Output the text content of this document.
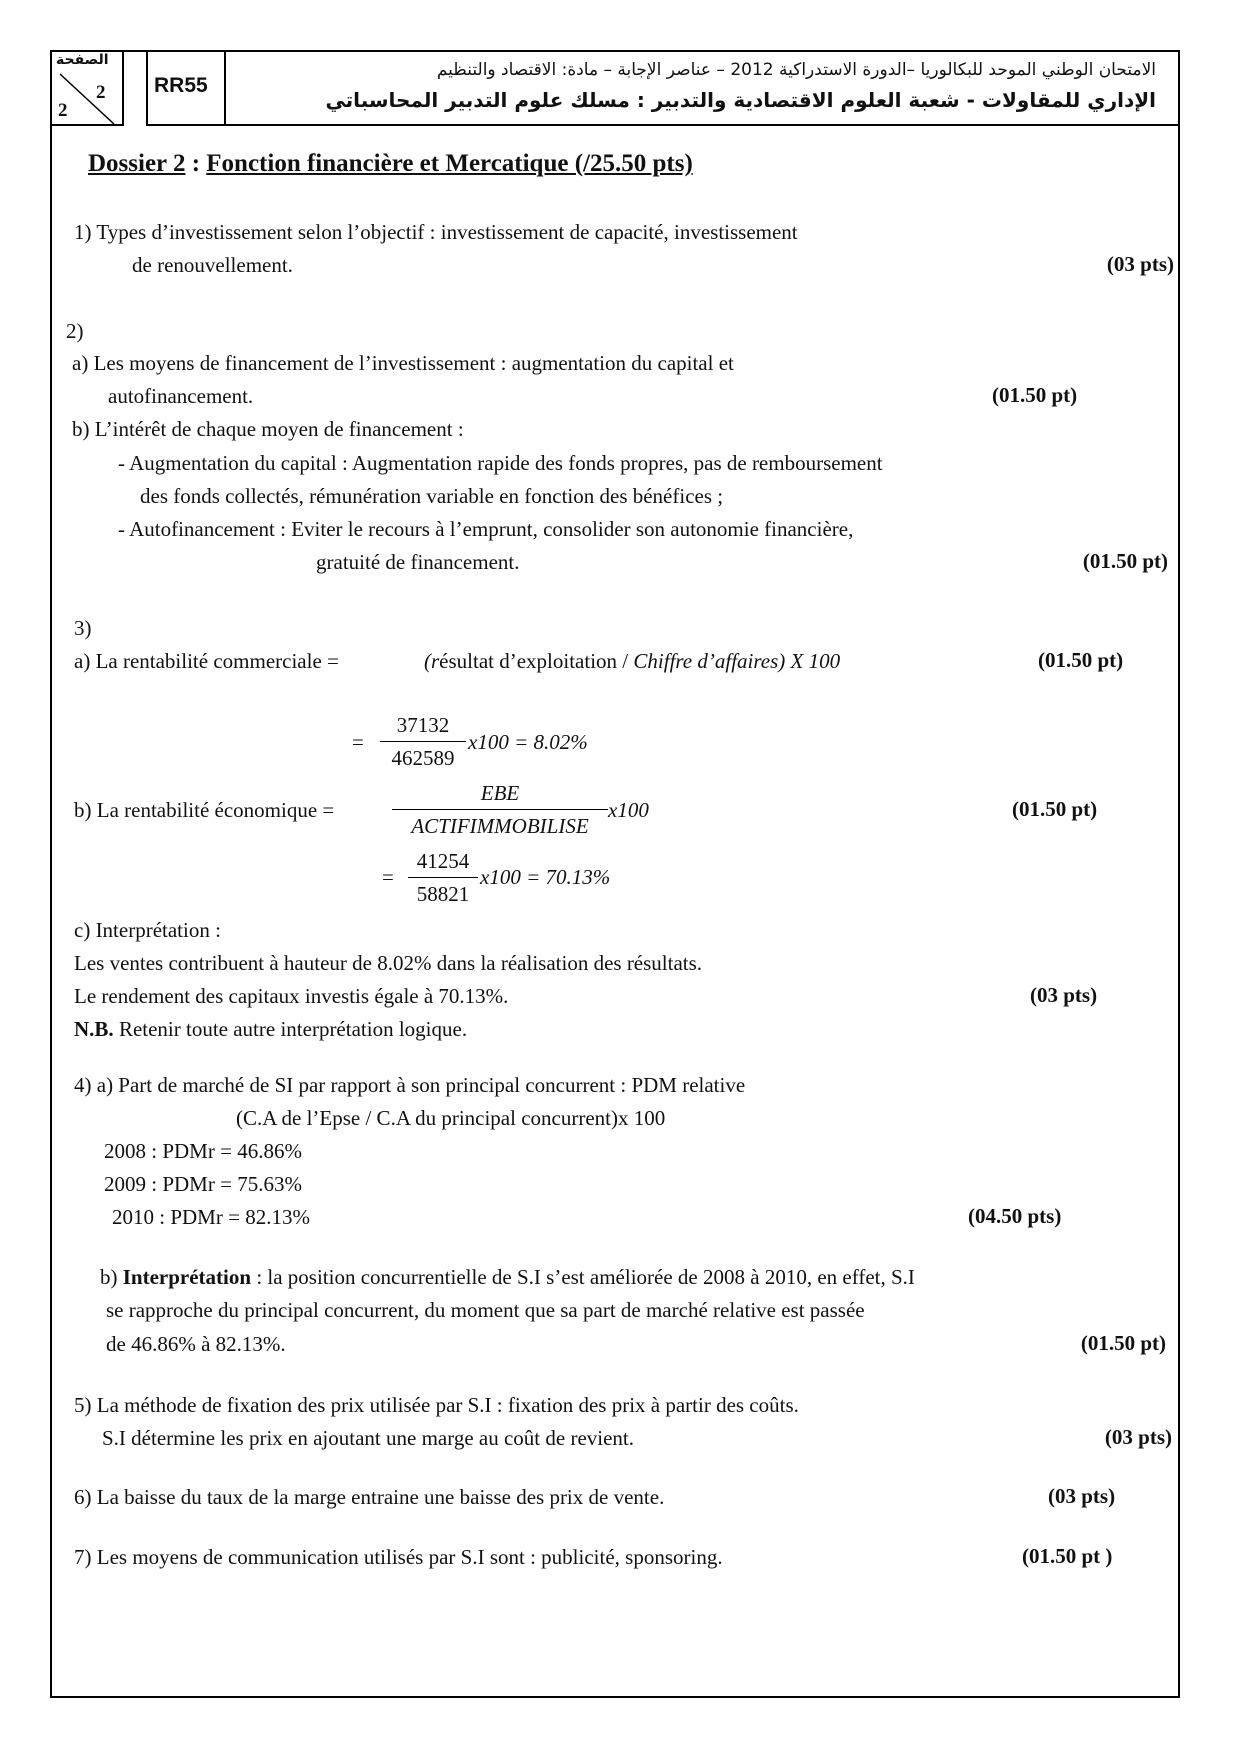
الصفحة
2
2
RR55
الامتحان الوطني الموحد للبكالوريا –الدورة الاستدراكية 2012 – عناصر الإجابة – مادة: الاقتصاد والتنظيم
الإداري للمقاولات - شعبة العلوم الاقتصادية والتدبير : مسلك علوم التدبير المحاسباتي
Dossier 2 : Fonction financière et Mercatique (/25.50 pts)
1) Types d’investissement selon l’objectif : investissement de capacité, investissement
de renouvellement.	(03 pts)
2)
a) Les moyens de financement de l’investissement : augmentation du capital et
autofinancement.	(01.50 pt)
b) L’intérêt de chaque moyen de financement :
- Augmentation du capital : Augmentation rapide des fonds propres, pas de remboursement
des fonds collectés, rémunération variable en fonction des bénéfices ;
- Autofinancement : Eviter le recours à l’emprunt, consolider son autonomie financière,
gratuité de financement.	(01.50 pt)
3)
a) La rentabilité commerciale =	(résultat d’exploitation / Chiffre d’affaires) X 100	(01.50 pt)
=
37132
462589
x100 = 8.02%
b) La rentabilité économique =
EBE
ACTIFIMMOBILISE
x100	(01.50 pt)
=
41254
58821
x100 = 70.13%
c) Interprétation :
Les ventes contribuent à hauteur de 8.02% dans la réalisation des résultats.
Le rendement des capitaux investis égale à 70.13%.	(03 pts)
N.B. Retenir toute autre interprétation logique.
4) a) Part de marché de SI par rapport à son principal concurrent : PDM relative
(C.A de l’Epse / C.A du principal concurrent)x 100
2008 : PDMr = 46.86%
2009 : PDMr = 75.63%
2010 : PDMr = 82.13%	(04.50 pts)
b) Interprétation : la position concurrentielle de S.I s’est améliorée de 2008 à 2010, en effet, S.I
se rapproche du principal concurrent, du moment que sa part de marché relative est passée
de 46.86% à 82.13%.	(01.50 pt)
5) La méthode de fixation des prix utilisée par S.I : fixation des prix à partir des coûts.
S.I détermine les prix en ajoutant une marge au coût de revient.	(03 pts)
6) La baisse du taux de la marge entraine une baisse des prix de vente.	(03 pts)
7) Les moyens de communication utilisés par S.I sont : publicité, sponsoring.	(01.50 pt )
